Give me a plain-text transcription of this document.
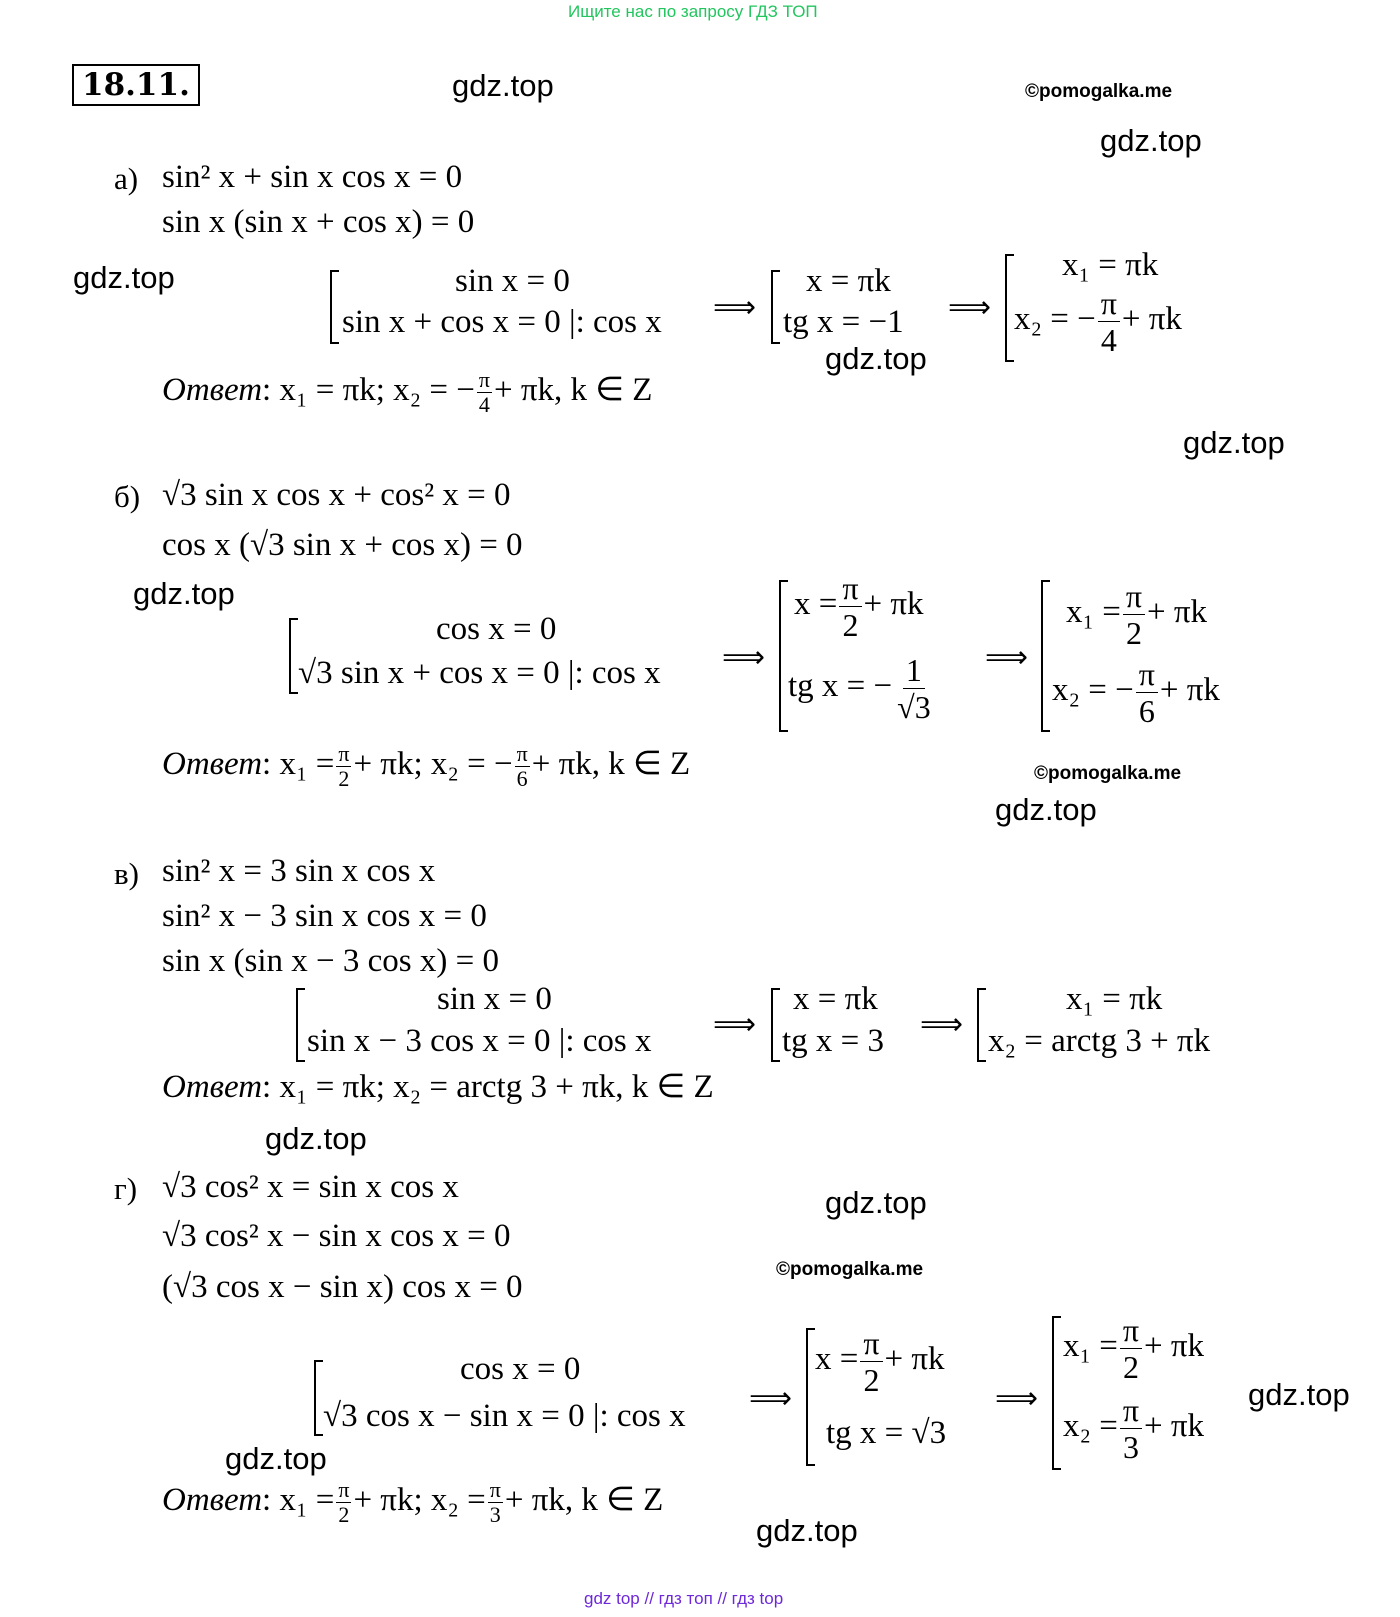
Ищите нас по запросу ГДЗ ТОП
gdz top // гдз топ // гдз top
18.11.	gdz.top	©pomogalka.me
gdz.top
gdz.top
gdz.top
gdz.top
gdz.top
©pomogalka.me
gdz.top
gdz.top
gdz.top
©pomogalka.me
gdz.top
gdz.top
gdz.top
а) sin² x + sin x cos x = 0
sin x (sin x + cos x) = 0
sin x = 0
sin x + cos x = 0 |: cos x ⟹
x = πk
tg x = −1 ⟹
x₁ = πk
x₂ = − $\frac{\pi}{4} + \pi k$
Ответ: x₁ = πk; x₂ = − $\frac{\pi}{4} + \pi k$, k ∈ Z
б) √3 sin x cos x + cos² x = 0
cos x (√3 sin x + cos x) = 0
cos x = 0
√3 sin x + cos x = 0 |: cos x ⟹
$x = \frac{\pi}{2} + \pi k$
tg x = − $\frac{1}{√3}$ ⟹
$x_1 = \frac{\pi}{2} + \pi k$
x₂ = − $\frac{\pi}{6} + \pi k$
Ответ: $x_1 = \frac{\pi}{2} + \pi k$; x₂ = − $\frac{\pi}{6} + \pi k$, k ∈ Z
в) sin² x = 3 sin x cos x
sin² x − 3 sin x cos x = 0
sin x (sin x − 3 cos x) = 0
sin x = 0
sin x − 3 cos x = 0 |: cos x ⟹
x = πk
tg x = 3 ⟹
x₁ = πk
x₂ = arctg 3 + πk
Ответ: x₁ = πk; x₂ = arctg 3 + πk, k ∈ Z
г) √3 cos² x = sin x cos x
√3 cos² x − sin x cos x = 0
(√3 cos x − sin x) cos x = 0
cos x = 0
√3 cos x − sin x = 0 |: cos x ⟹
$x = \frac{\pi}{2} + \pi k$
tg x = √3
⟹
$x_1 = \frac{\pi}{2} + \pi k$
$x_2 = \frac{\pi}{3} + \pi k$
Ответ: $x_1 = \frac{\pi}{2} + \pi k$; $x_2 = \frac{\pi}{3} + \pi k$, k ∈ Z
